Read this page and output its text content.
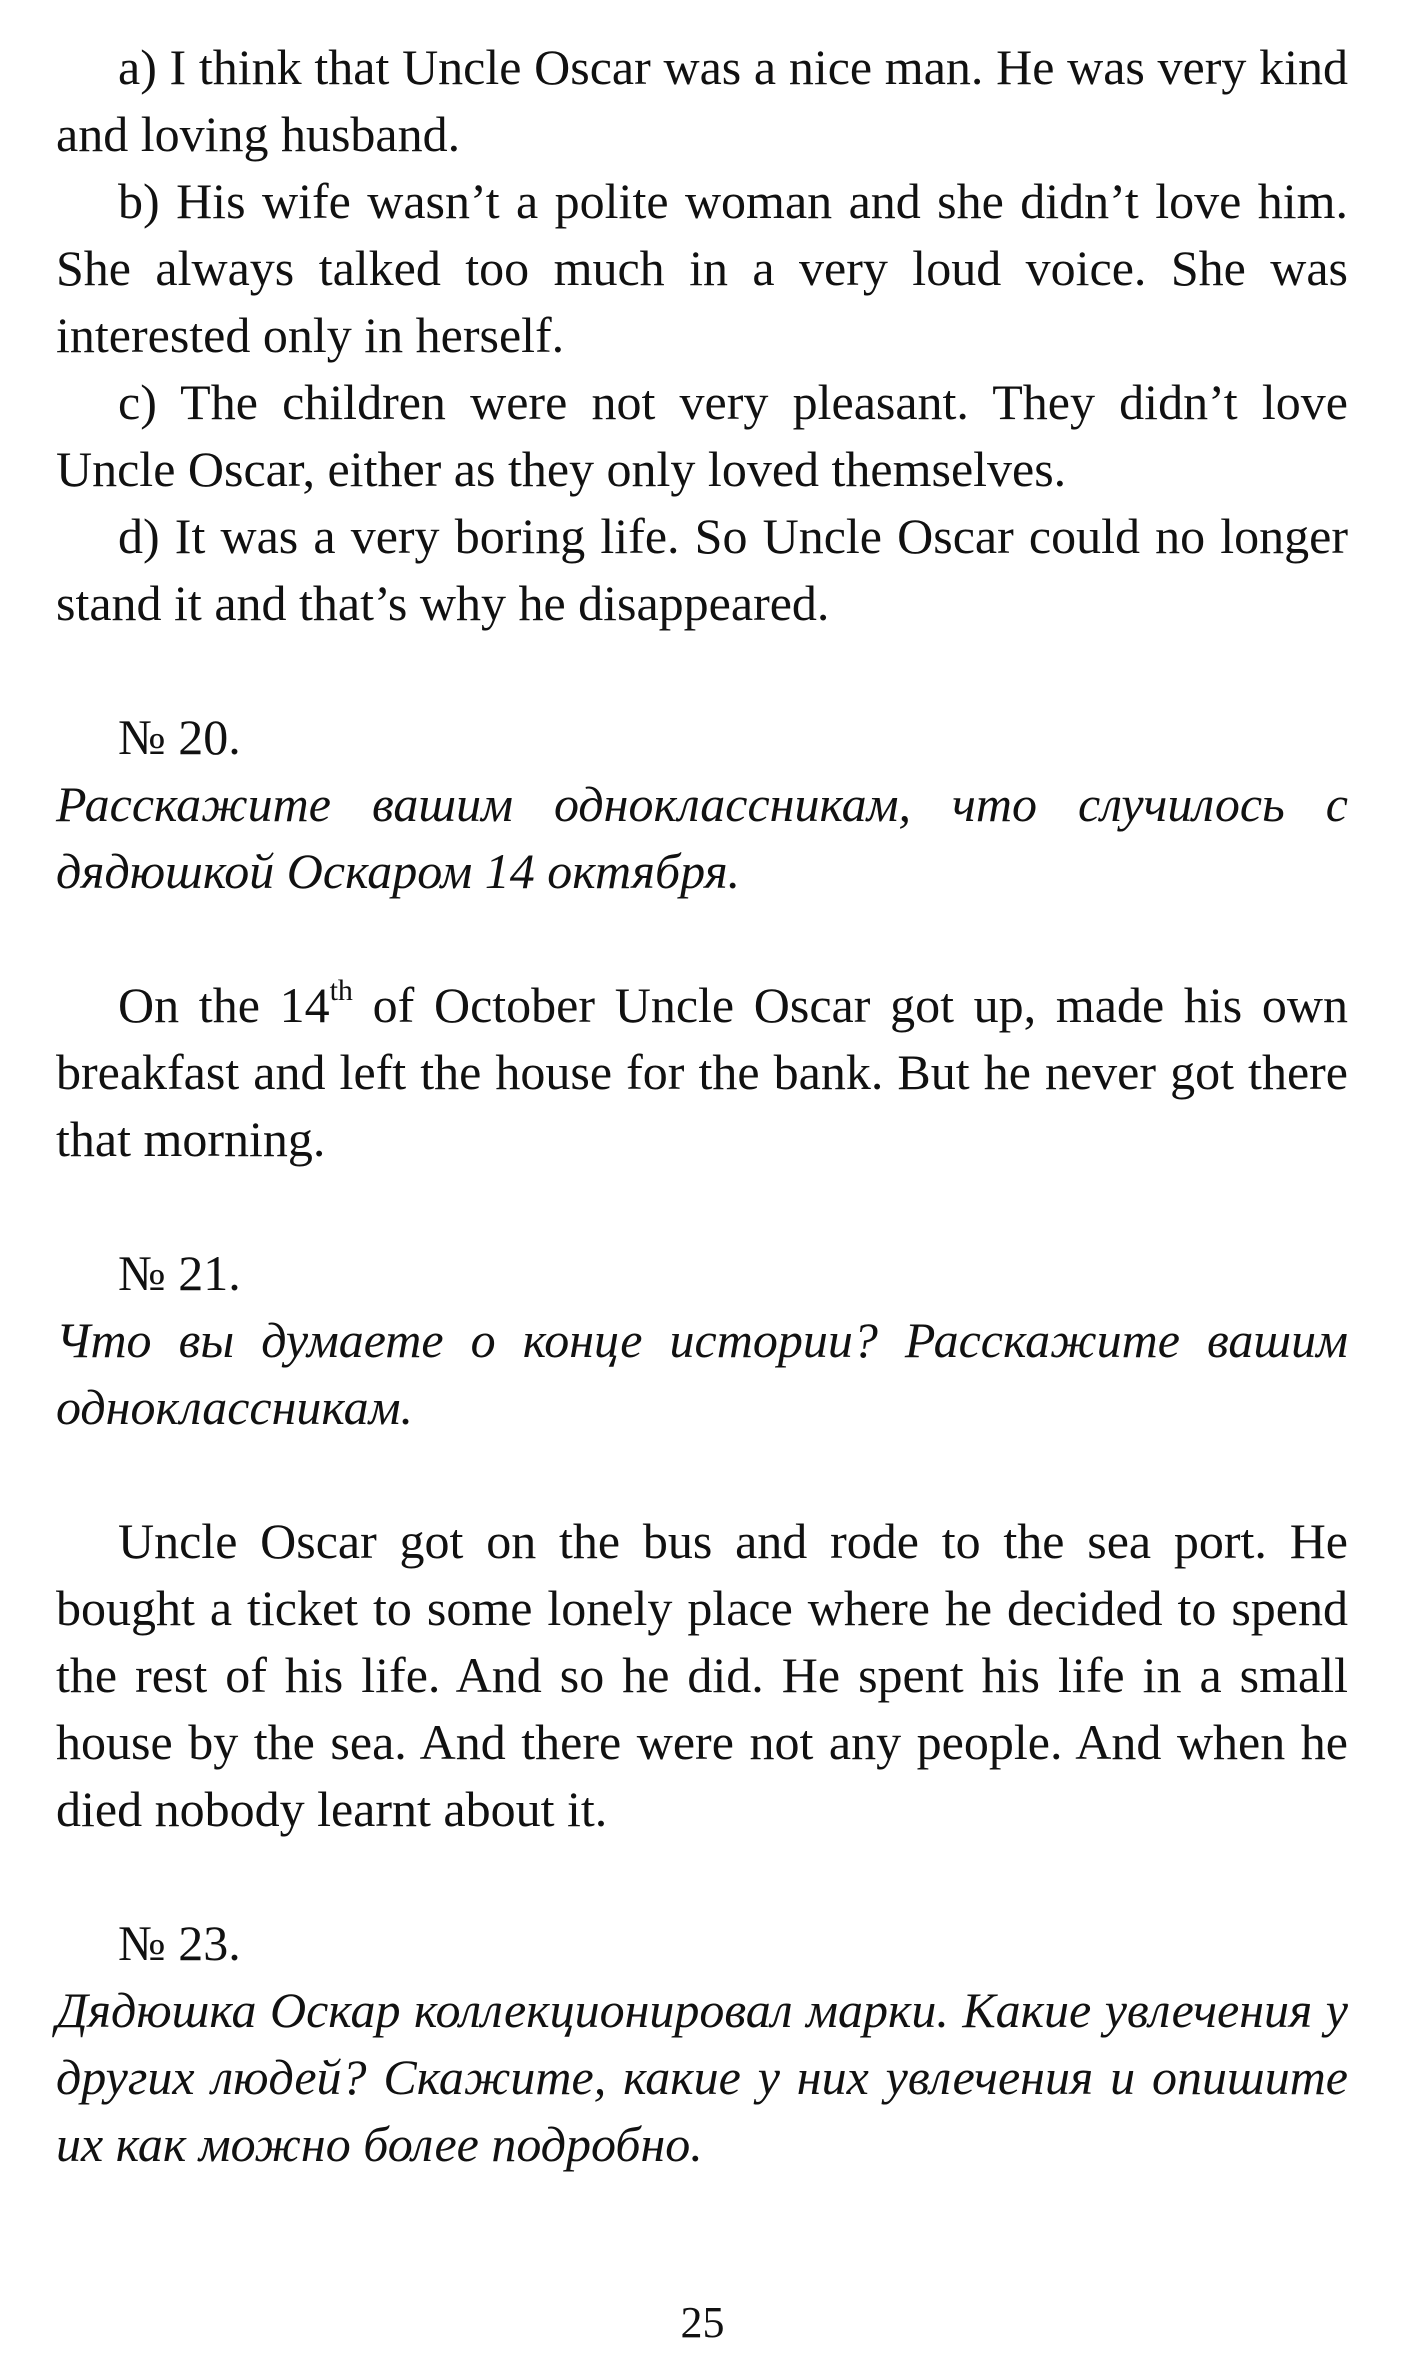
a) I think that Uncle Oscar was a nice man. He was very kind and loving husband.

b) His wife wasn’t a polite woman and she didn’t love him. She always talked too much in a very loud voice. She was interested only in herself.

c) The children were not very pleasant. They didn’t love Uncle Oscar, either as they only loved themselves.

d) It was a very boring life. So Uncle Oscar could no longer stand it and that’s why he disappeared.

№ 20.

Расскажите вашим одноклассникам, что случилось с дядюшкой Оскаром 14 октября.

On the 14th of October Uncle Oscar got up, made his own breakfast and left the house for the bank. But he never got there that morning.

№ 21.

Что вы думаете о конце истории? Расскажите вашим одноклассникам.

Uncle Oscar got on the bus and rode to the sea port. He bought a ticket to some lonely place where he decided to spend the rest of his life. And so he did. He spent his life in a small house by the sea. And there were not any people. And when he died nobody learnt about it.

№ 23.

Дядюшка Оскар коллекционировал марки. Какие увлечения у других людей? Скажите, какие у них увлечения и опишите их как можно более подробно.

25
